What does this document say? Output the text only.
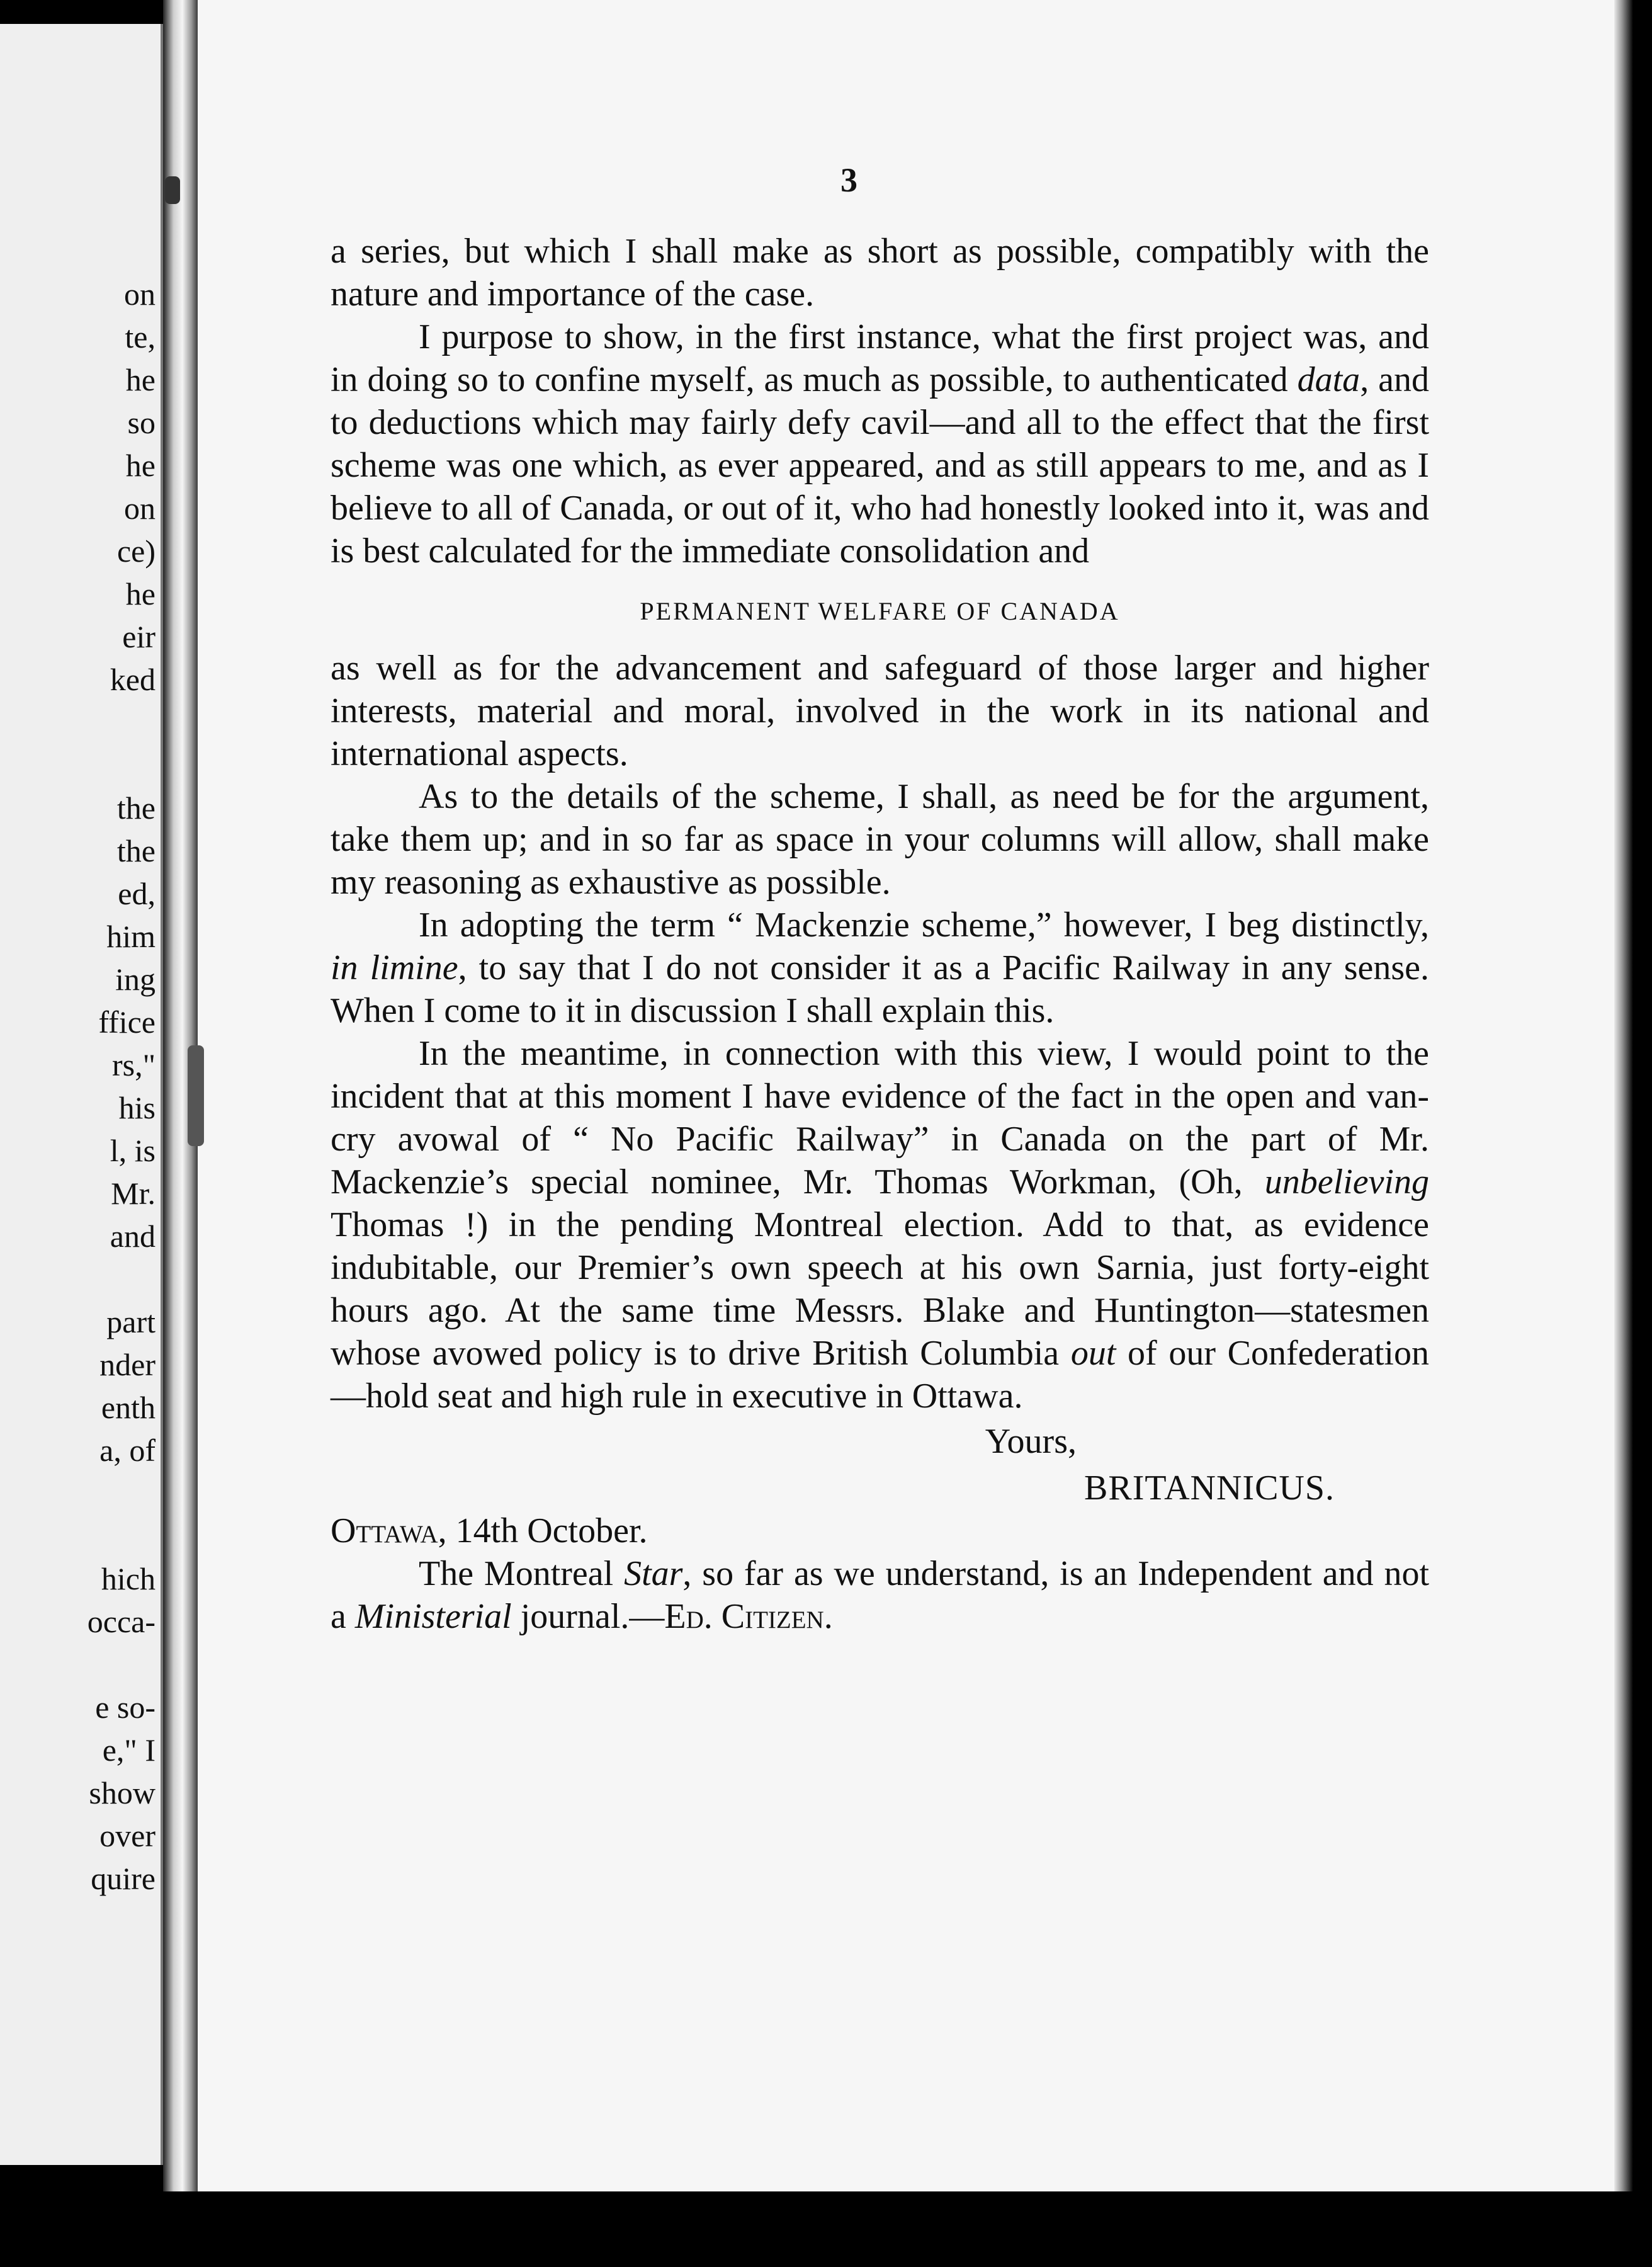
on
te,
he
so
he
on
ce)
he
eir
ked

the
the
ed,
him
ing
ffice
rs,"
his
l, is
Mr.
and

part
nder
enth
a, of

hich
occa-

e so-
e," I
show
over
quire
3

a series, but which I shall make as short as possible, compatibly with the nature and importance of the case.

I purpose to show, in the first instance, what the first project was, and in doing so to confine myself, as much as possible, to authenticated data, and to deductions which may fairly defy cavil—and all to the effect that the first scheme was one which, as ever appeared, and as still appears to me, and as I believe to all of Canada, or out of it, who had honestly looked into it, was and is best calculated for the immediate consolidation and

PERMANENT WELFARE OF CANADA

as well as for the advancement and safeguard of those larger and higher interests, material and moral, involved in the work in its national and international aspects.

As to the details of the scheme, I shall, as need be for the argument, take them up; and in so far as space in your columns will allow, shall make my reasoning as exhaustive as possible.

In adopting the term “ Mackenzie scheme,” however, I beg distinctly, in limine, to say that I do not consider it as a Pacific Railway in any sense. When I come to it in discussion I shall explain this.

In the meantime, in connection with this view, I would point to the incident that at this moment I have evidence of the fact in the open and van-cry avowal of “ No Pacific Railway” in Canada on the part of Mr. Mackenzie’s special nominee, Mr. Thomas Workman, (Oh, unbelieving Thomas !) in the pending Montreal election. Add to that, as evidence indubitable, our Premier’s own speech at his own Sarnia, just forty-eight hours ago. At the same time Messrs. Blake and Huntington—statesmen whose avowed policy is to drive British Columbia out of our Confederation—hold seat and high rule in executive in Ottawa.

Yours,
BRITANNICUS.

Ottawa, 14th October.

The Montreal Star, so far as we understand, is an Independent and not a Ministerial journal.—Ed. Citizen.
